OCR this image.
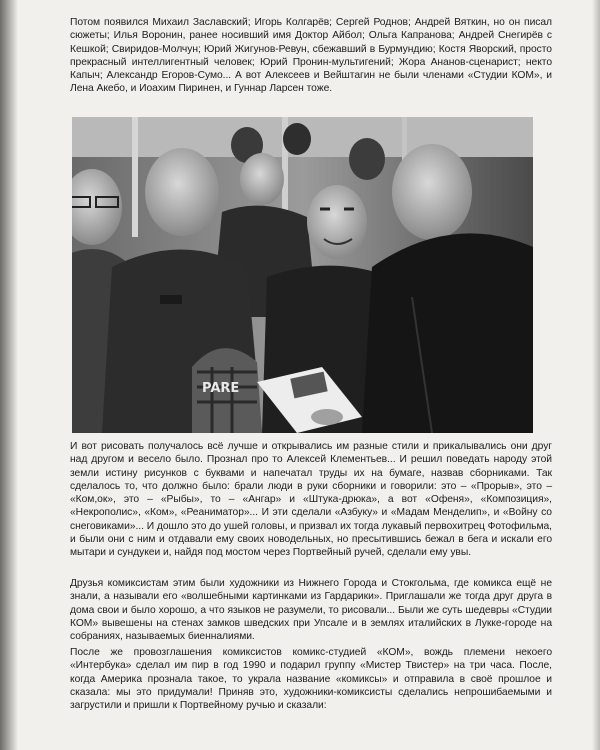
Потом появился Михаил Заславский; Игорь Колгарёв; Сергей Роднов; Андрей Вяткин, но он писал сюжеты; Илья Воронин, ранее носивший имя Доктор Айбол; Ольга Капранова; Андрей Снегирёв с Кешкой; Свиридов-Молчун; Юрий Жигунов-Ревун, сбежавший в Бурмундию; Костя Яворский, просто прекрасный интеллигентный человек; Юрий Пронин-мультигений; Жора Ананов-сценарист; некто Капыч; Александр Егоров-Сумо... А вот Алексеев и Вейштагин не были членами «Студии КОМ», и Лена Акебо, и Иоахим Пиринен, и Гуннар Ларсен тоже.

PARE

И вот рисовать получалось всё лучше и открывались им разные стили и прикалывались они друг над другом и весело было. Прознал про то Алексей Клементьев... И решил поведать народу этой земли истину рисунков с буквами и напечатал труды их на бумаге, назвав сборниками. Так сделалось то, что должно было: брали люди в руки сборники и говорили: это – «Прорыв», это – «Ком,ок», это – «Рыбы», то – «Ангар» и «Штука-дрюка», а вот «Офеня», «Композиция», «Некрополис», «Ком», «Реаниматор»... И эти сделали «Азбуку» и «Мадам Менделип», и «Войну со снеговиками»... И дошло это до ушей головы, и призвал их тогда лукавый первохитрец Фотофильма, и были они с ним и отдавали ему своих новодельных, но пресытившись бежал в бега и искали его мытари и сундукеи и, найдя под мостом через Портвейный ручей, сделали ему увы.

Друзья комиксистам этим были художники из Нижнего Города и Стокгольма, где комикса ещё не знали, а называли его «волшебными картинками из Гардарики». Приглашали же тогда друг друга в дома свои и было хорошо, а что языков не разумели, то рисовали... Были же суть шедевры «Студии КОМ» вывешены на стенах замков шведских при Упсале и в землях италийских в Лукке-городе на собраниях, называемых биеннaлиями.

После же провозглашения комиксистов комикс-студией «КОМ», вождь племени некоего «Интербука» сделал им пир в год 1990 и подарил группу «Мистер Твистер» на три часа. После, когда Америка прознала такое, то украла название «комиксы» и отправила в своё прошлое и сказала: мы это придумали! Приняв это, художники-комиксисты сделались непрошибаемыми и загрустили и пришли к Портвейному ручью и сказали:
